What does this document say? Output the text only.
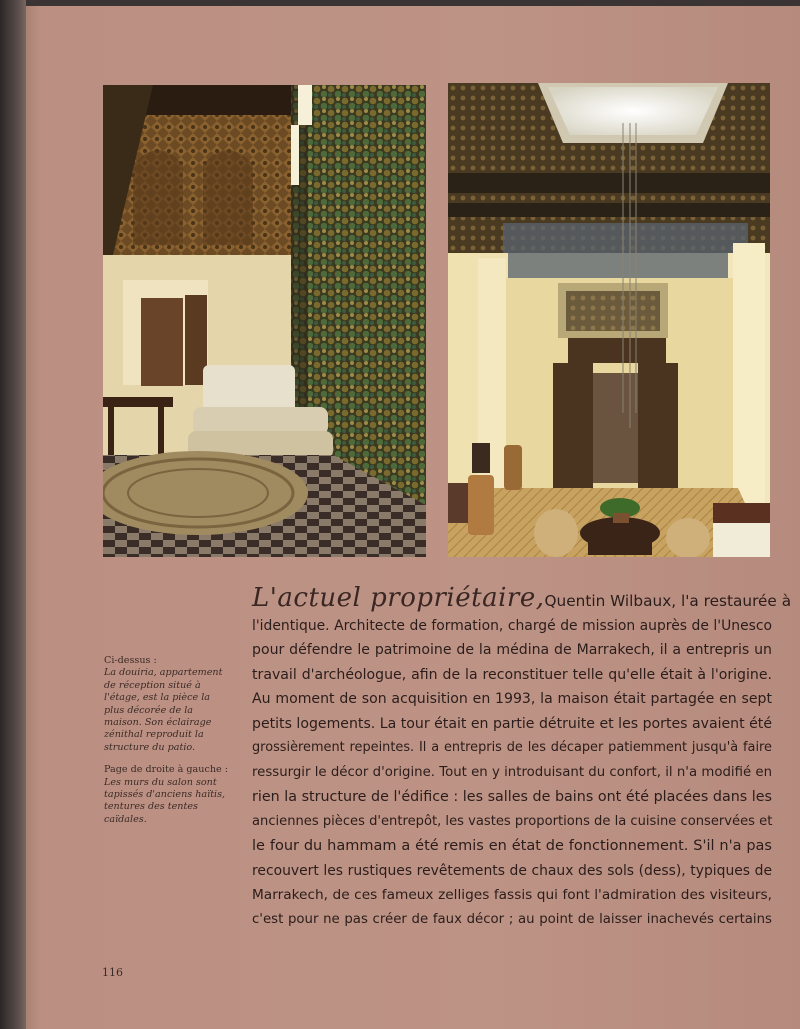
Ci-dessus :
La douiria, appartement de réception situé à l'étage, est la pièce la plus décorée de la maison. Son éclairage zénithal reproduit la structure du patio.

Page de droite à gauche :
Les murs du salon sont tapissés d'anciens haïtis, tentures des tentes caïdales.

L'actuel propriétaire, Quentin Wilbaux, l'a restaurée à
l'identique. Architecte de formation, chargé de mission auprès de l'Unesco
pour défendre le patrimoine de la médina de Marrakech, il a entrepris un
travail d'archéologue, afin de la reconstituer telle qu'elle était à l'origine.
Au moment de son acquisition en 1993, la maison était partagée en sept
petits logements. La tour était en partie détruite et les portes avaient été
grossièrement repeintes. Il a entrepris de les décaper patiemment jusqu'à faire
ressurgir le décor d'origine. Tout en y introduisant du confort, il n'a modifié en
rien la structure de l'édifice : les salles de bains ont été placées dans les
anciennes pièces d'entrepôt, les vastes proportions de la cuisine conservées et
le four du hammam a été remis en état de fonctionnement. S'il n'a pas
recouvert les rustiques revêtements de chaux des sols (dess), typiques de
Marrakech, de ces fameux zelliges fassis qui font l'admiration des visiteurs,
c'est pour ne pas créer de faux décor ; au point de laisser inachevés certains
116
